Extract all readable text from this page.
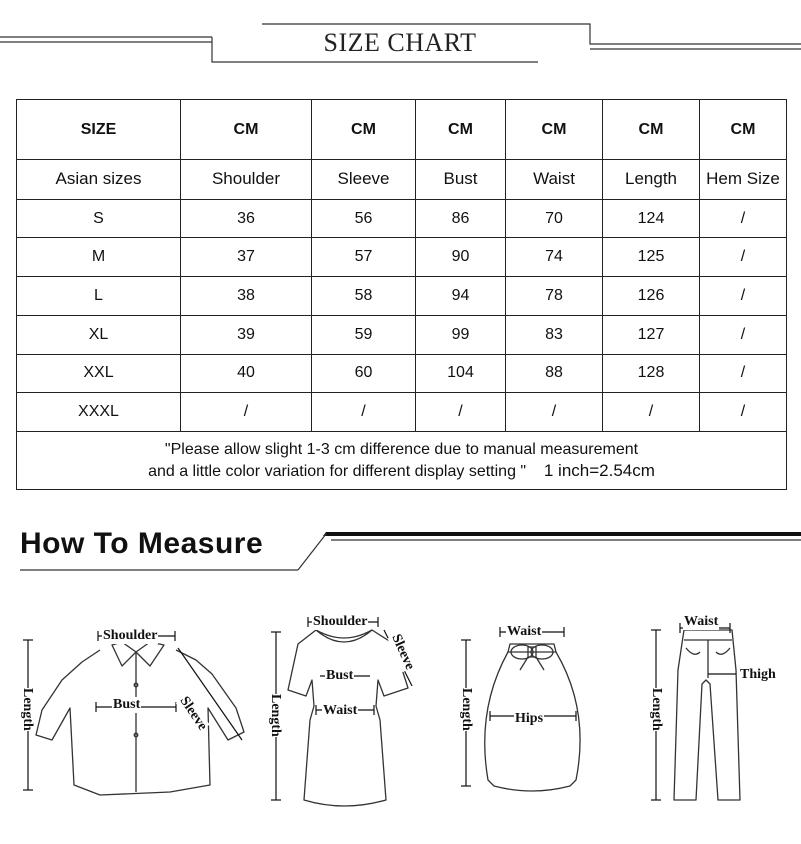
SIZE CHART
SIZE	CM	CM	CM	CM	CM	CM
Asian sizes	Shoulder	Sleeve	Bust	Waist	Length	Hem Size
S	36	56	86	70	124	/
M	37	57	90	74	125	/
L	38	58	94	78	126	/
XL	39	59	99	83	127	/
XXL	40	60	104	88	128	/
XXXL	/	/	/	/	/	/

"Please allow slight 1-3 cm difference due to manual measurement
and a little color variation for different display setting " 1 inch=2.54cm						
How To Measure
Shoulder
Length	Bust	Sleeve
Shoulder
Sleeve
Bust
Waist
Length
Waist
Hips
Length
Waist
Thigh
Length
